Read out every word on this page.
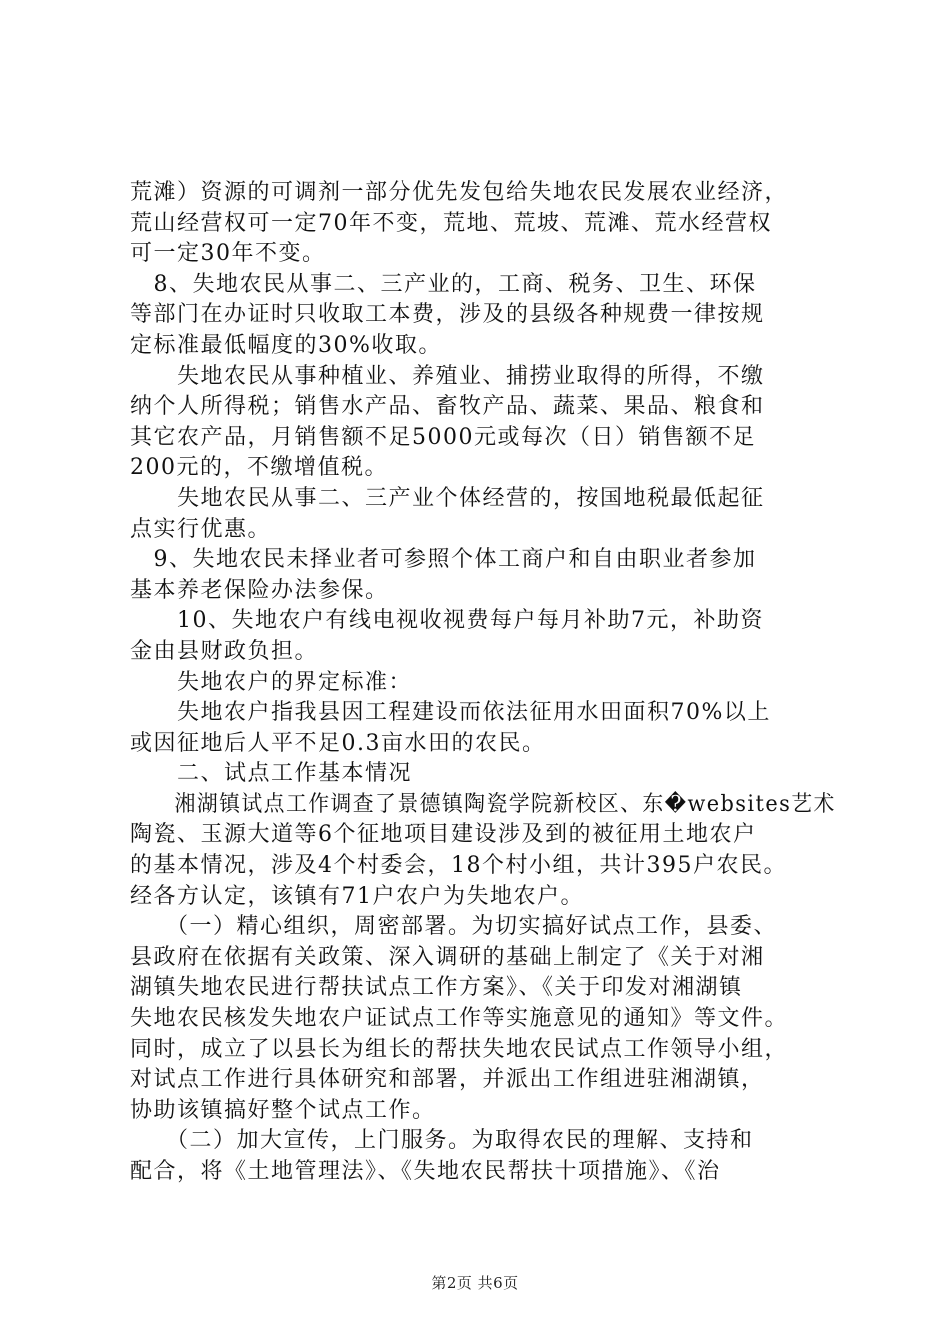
荒滩）资源的可调剂一部分优先发包给失地农民发展农业经济，
荒山经营权可一定70年不变，荒地、荒坡、荒滩、荒水经营权
可一定30年不变。
　8、失地农民从事二、三产业的，工商、税务、卫生、环保
等部门在办证时只收取工本费，涉及的县级各种规费一律按规
定标准最低幅度的30%收取。
　　失地农民从事种植业、养殖业、捕捞业取得的所得，不缴
纳个人所得税；销售水产品、畜牧产品、蔬菜、果品、粮食和
其它农产品，月销售额不足5000元或每次（日）销售额不足
200元的，不缴增值税。
　　失地农民从事二、三产业个体经营的，按国地税最低起征
点实行优惠。
　9、失地农民未择业者可参照个体工商户和自由职业者参加
基本养老保险办法参保。
　　10、失地农户有线电视收视费每户每月补助7元，补助资
金由县财政负担。
　　失地农户的界定标准：
　　失地农户指我县因工程建设而依法征用水田面积70%以上
或因征地后人平不足0.3亩水田的农民。
　　二、试点工作基本情况
　　湘湖镇试点工作调查了景德镇陶瓷学院新校区、东�websites艺术
陶瓷、玉源大道等6个征地项目建设涉及到的被征用土地农户
的基本情况，涉及4个村委会，18个村小组，共计395户农民。
经各方认定，该镇有71户农户为失地农户。
　　（一）精心组织，周密部署。为切实搞好试点工作，县委、
县政府在依据有关政策、深入调研的基础上制定了《关于对湘
湖镇失地农民进行帮扶试点工作方案》、《关于印发对湘湖镇
失地农民核发失地农户证试点工作等实施意见的通知》等文件。
同时，成立了以县长为组长的帮扶失地农民试点工作领导小组，
对试点工作进行具体研究和部署，并派出工作组进驻湘湖镇，
协助该镇搞好整个试点工作。
　　（二）加大宣传，上门服务。为取得农民的理解、支持和
配合，将《土地管理法》、《失地农民帮扶十项措施》、《治
第2页 共6页
